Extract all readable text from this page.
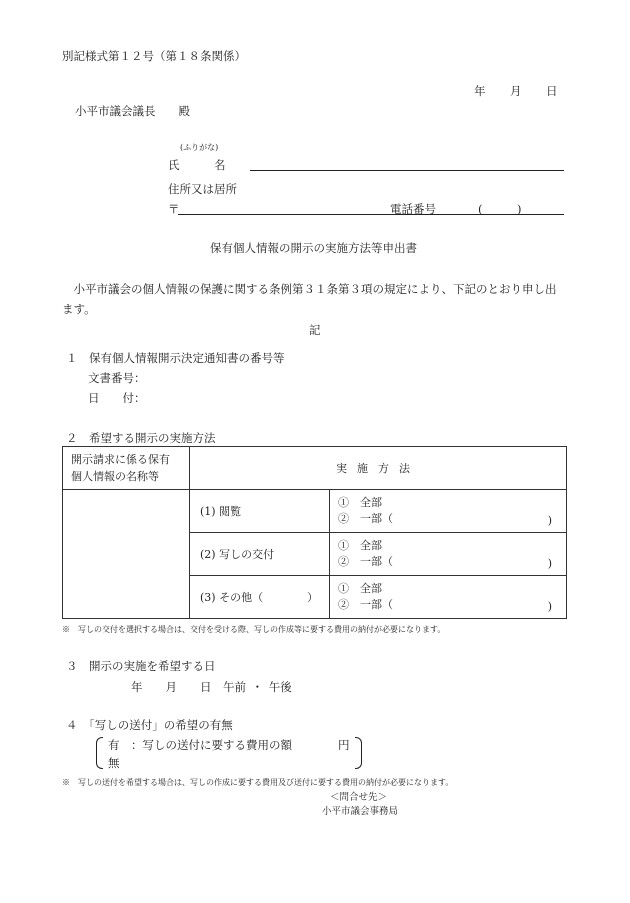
別記様式第１２号（第１８条関係）
年 月 日
小平市議会議長　　殿
(ふりがな)
氏　　　名
住所又は居所
〒	電話番号	(　　　)
保有個人情報の開示の実施方法等申出書
　小平市議会の個人情報の保護に関する条例第３１条第３項の規定により、下記のとおり申し出
ます。
記
１　保有個人情報開示決定通知書の番号等
文書番号：
日　　付：
２　希望する開示の実施方法
開示請求に係る保有
個人情報の名称等	実施方法	
	(1) 閲覧	①　全部
②　一部（ )

	(2) 写しの交付	①　全部
②　一部（ )

	(3) その他（　　　　）	①　全部
②　一部（ )
※　写しの交付を選択する場合は、交付を受ける際、写しの作成等に要する費用の納付が必要になります。
３　開示の実施を希望する日
年　　月　　日　午前 ・ 午後
４　「写しの送付」の希望の有無
有　：写しの送付に要する費用の額　　　　円
無
※　写しの送付を希望する場合は、写しの作成に要する費用及び送付に要する費用の納付が必要になります。
＜問合せ先＞
小平市議会事務局
